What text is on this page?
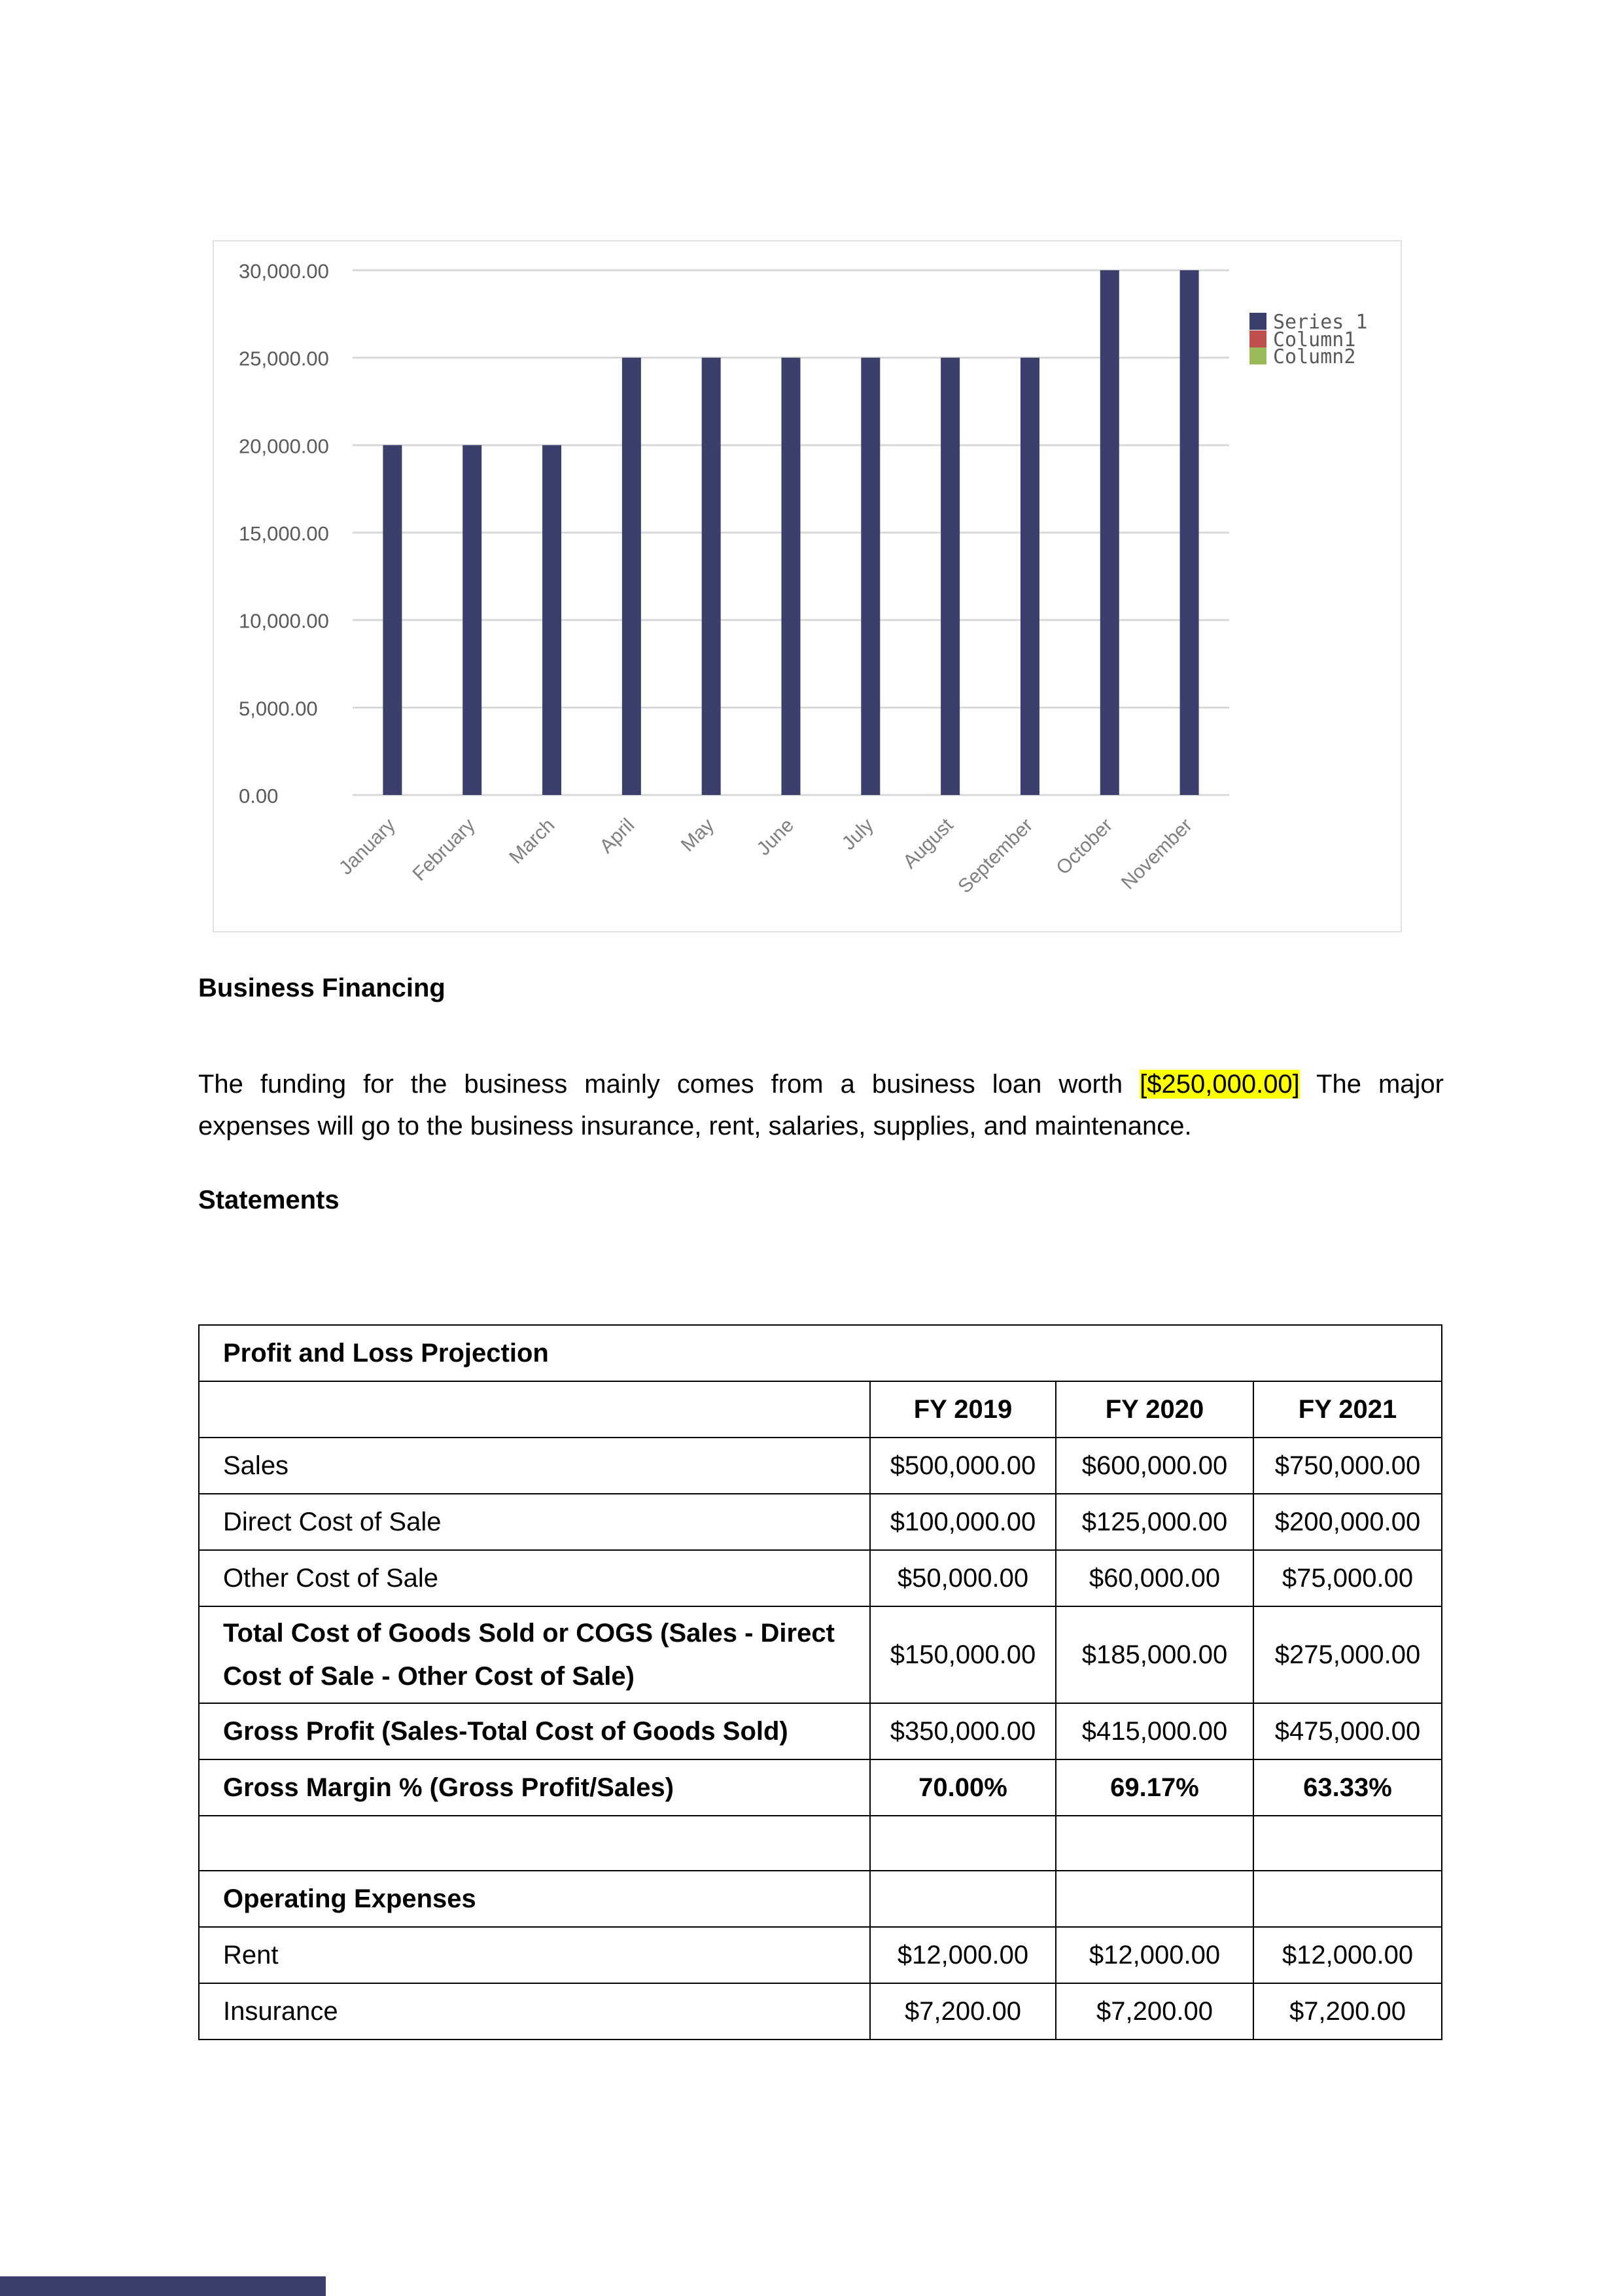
30,000.00
25,000.00
20,000.00
15,000.00
10,000.00
5,000.00
0.00
January February March April May June July August
September October November
Series 1
Column1
Column2
Business Financing
The funding for the business mainly comes from a business loan worth [$250,000.00] The major
expenses will go to the business insurance, rent, salaries, supplies, and maintenance.
Statements
Profit and Loss Projection			
	FY 2019	FY 2020	FY 2021
Sales	$500,000.00	$600,000.00	$750,000.00
Direct Cost of Sale	$100,000.00	$125,000.00	$200,000.00
Other Cost of Sale	$50,000.00	$60,000.00	$75,000.00
Total Cost of Goods Sold or COGS (Sales - Direct
Cost of Sale - Other Cost of Sale)	$150,000.00	$185,000.00	$275,000.00
Gross Profit (Sales-Total Cost of Goods Sold)	$350,000.00	$415,000.00	$475,000.00
Gross Margin % (Gross Profit/Sales)	70.00%	69.17%	63.33%

Operating Expenses			
Rent	$12,000.00	$12,000.00	$12,000.00
Insurance	$7,200.00	$7,200.00	$7,200.00
